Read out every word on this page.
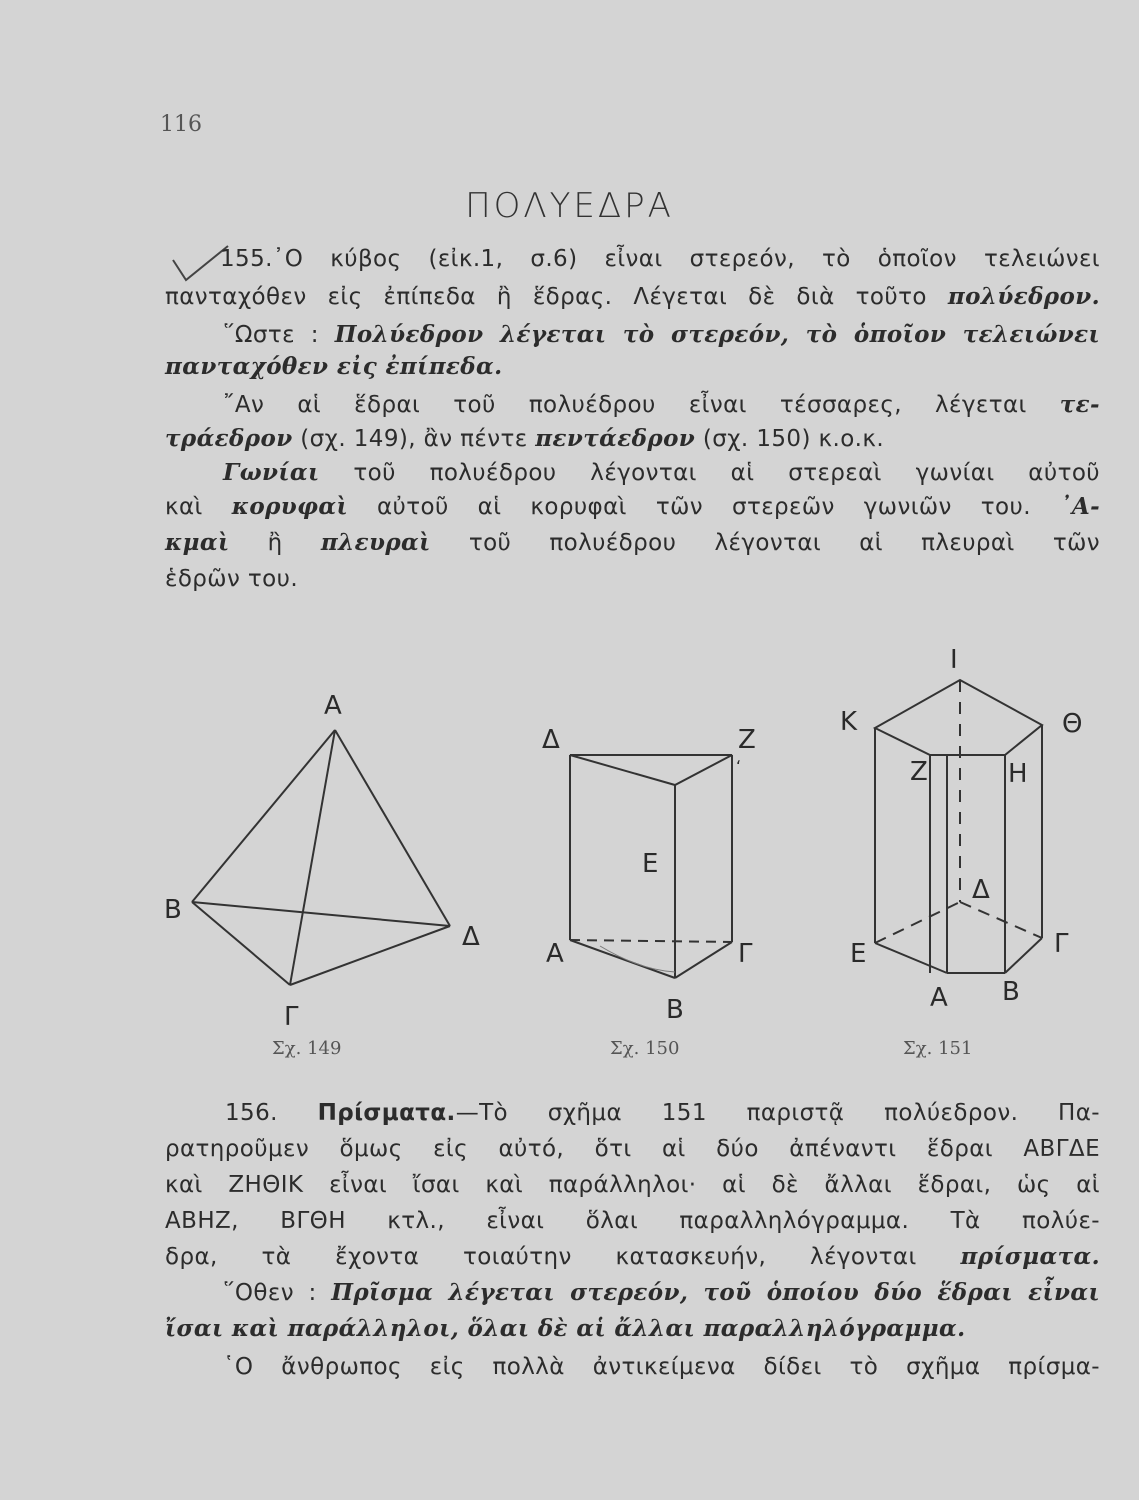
116
ΠΟΛΥΕΔΡΑ
155.᾿Ο κύβος (εἰκ.1, σ.6) εἶναι στερεόν, τὸ ὁποῖον τελειώνει
πανταχόθεν εἰς ἐπίπεδα ἢ ἕδρας. Λέγεται δὲ διὰ τοῦτο πολύεδρον.
῞Ωστε : Πολύεδρον λέγεται τὸ στερεόν, τὸ ὁποῖον τελειώνει
πανταχόθεν εἰς ἐπίπεδα.
῎Αν αἱ ἕδραι τοῦ πολυέδρου εἶναι τέσσαρες, λέγεται τε-
τράεδρον (σχ. 149), ἂν πέντε πεντάεδρον (σχ. 150) κ.ο.κ.
Γωνίαι τοῦ πολυέδρου λέγονται αἱ στερεαὶ γωνίαι αὐτοῦ
καὶ κορυφαὶ αὐτοῦ αἱ κορυφαὶ τῶν στερεῶν γωνιῶν του. ᾿Α-
κμαὶ ἢ πλευραὶ τοῦ πολυέδρου λέγονται αἱ πλευραὶ τῶν
ἑδρῶν του.
Α
Β
Δ
Γ
Σχ. 149
Δ	Ζ
ʻ
Ε
Α	Γ
Β
Σχ. 150
Ι
Κ	Θ
Ζ	Η
Δ
Ε	Γ
Α Β
Σχ. 151
156. Πρίσματα.—Τὸ σχῆμα 151 παριστᾷ πολύεδρον. Πα-
ρατηροῦμεν ὅμως εἰς αὐτό, ὅτι αἱ δύο ἀπέναντι ἕδραι ΑΒΓΔΕ
καὶ ΖΗΘΙΚ εἶναι ἴσαι καὶ παράλληλοι· αἱ δὲ ἄλλαι ἕδραι, ὡς αἱ
ΑΒΗΖ, ΒΓΘΗ κτλ., εἶναι ὅλαι παραλληλόγραμμα. Τὰ πολύε-
δρα, τὰ ἔχοντα τοιαύτην κατασκευήν, λέγονται πρίσματα.
῞Οθεν : Πρῖσμα λέγεται στερεόν, τοῦ ὁποίου δύο ἕδραι εἶναι
ἴσαι καὶ παράλληλοι, ὅλαι δὲ αἱ ἄλλαι παραλληλόγραμμα.
῾Ο ἄνθρωπος εἰς πολλὰ ἀντικείμενα δίδει τὸ σχῆμα πρίσμα-
